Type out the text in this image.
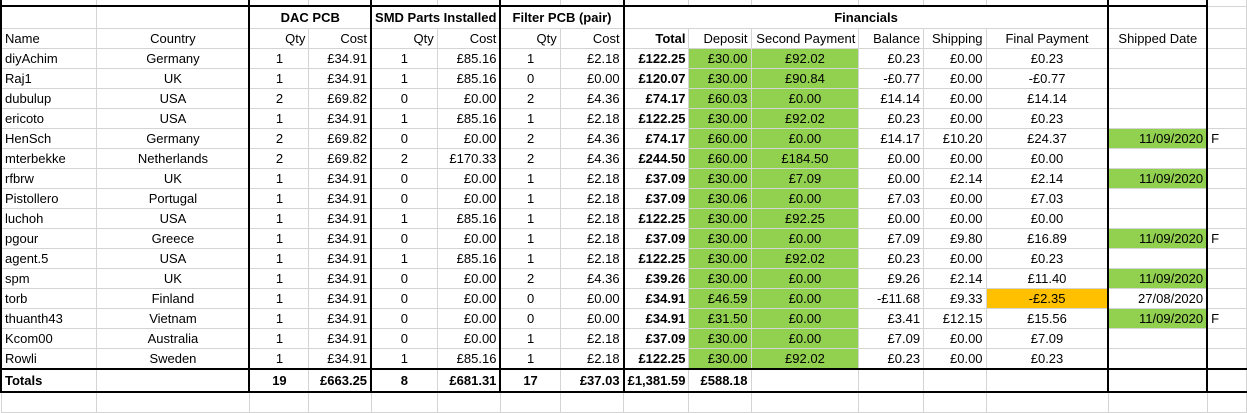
		DAC PCB		SMD Parts Installed		Filter PCB (pair)		Financials							
Name	Country	Qty	Cost	Qty	Cost	Qty	Cost	Total	Deposit	Second Payment	Balance	Shipping	Final Payment	Shipped Date	
diyAchim	Germany	1	£34.91	1	£85.16	1	£2.18	£122.25	£30.00	£92.02	£0.23	£0.00	£0.23		
Raj1	UK	1	£34.91	1	£85.16	0	£0.00	£120.07	£30.00	£90.84	-£0.77	£0.00	-£0.77		
dubulup	USA	2	£69.82	0	£0.00	2	£4.36	£74.17	£60.03	£0.00	£14.14	£0.00	£14.14		
ericoto	USA	1	£34.91	1	£85.16	1	£2.18	£122.25	£30.00	£92.02	£0.23	£0.00	£0.23		
HenSch	Germany	2	£69.82	0	£0.00	2	£4.36	£74.17	£60.00	£0.00	£14.17	£10.20	£24.37	11/09/2020	F
mterbekke	Netherlands	2	£69.82	2	£170.33	2	£4.36	£244.50	£60.00	£184.50	£0.00	£0.00	£0.00		
rfbrw	UK	1	£34.91	0	£0.00	1	£2.18	£37.09	£30.00	£7.09	£0.00	£2.14	£2.14	11/09/2020	
Pistollero	Portugal	1	£34.91	0	£0.00	1	£2.18	£37.09	£30.06	£0.00	£7.03	£0.00	£7.03		
luchoh	USA	1	£34.91	1	£85.16	1	£2.18	£122.25	£30.00	£92.25	£0.00	£0.00	£0.00		
pgour	Greece	1	£34.91	0	£0.00	1	£2.18	£37.09	£30.00	£0.00	£7.09	£9.80	£16.89	11/09/2020	F
agent.5	USA	1	£34.91	1	£85.16	1	£2.18	£122.25	£30.00	£92.02	£0.23	£0.00	£0.23		
spm	UK	1	£34.91	0	£0.00	2	£4.36	£39.26	£30.00	£0.00	£9.26	£2.14	£11.40	11/09/2020	
torb	Finland	1	£34.91	0	£0.00	0	£0.00	£34.91	£46.59	£0.00	-£11.68	£9.33	-£2.35	27/08/2020	
thuanth43	Vietnam	1	£34.91	0	£0.00	0	£0.00	£34.91	£31.50	£0.00	£3.41	£12.15	£15.56	11/09/2020	F
Kcom00	Australia	1	£34.91	0	£0.00	1	£2.18	£37.09	£30.00	£0.00	£7.09	£0.00	£7.09		
Rowli	Sweden	1	£34.91	1	£85.16	1	£2.18	£122.25	£30.00	£92.02	£0.23	£0.00	£0.23		
Totals		19	£663.25	8	£681.31	17	£37.03	£1,381.59	£588.18						
